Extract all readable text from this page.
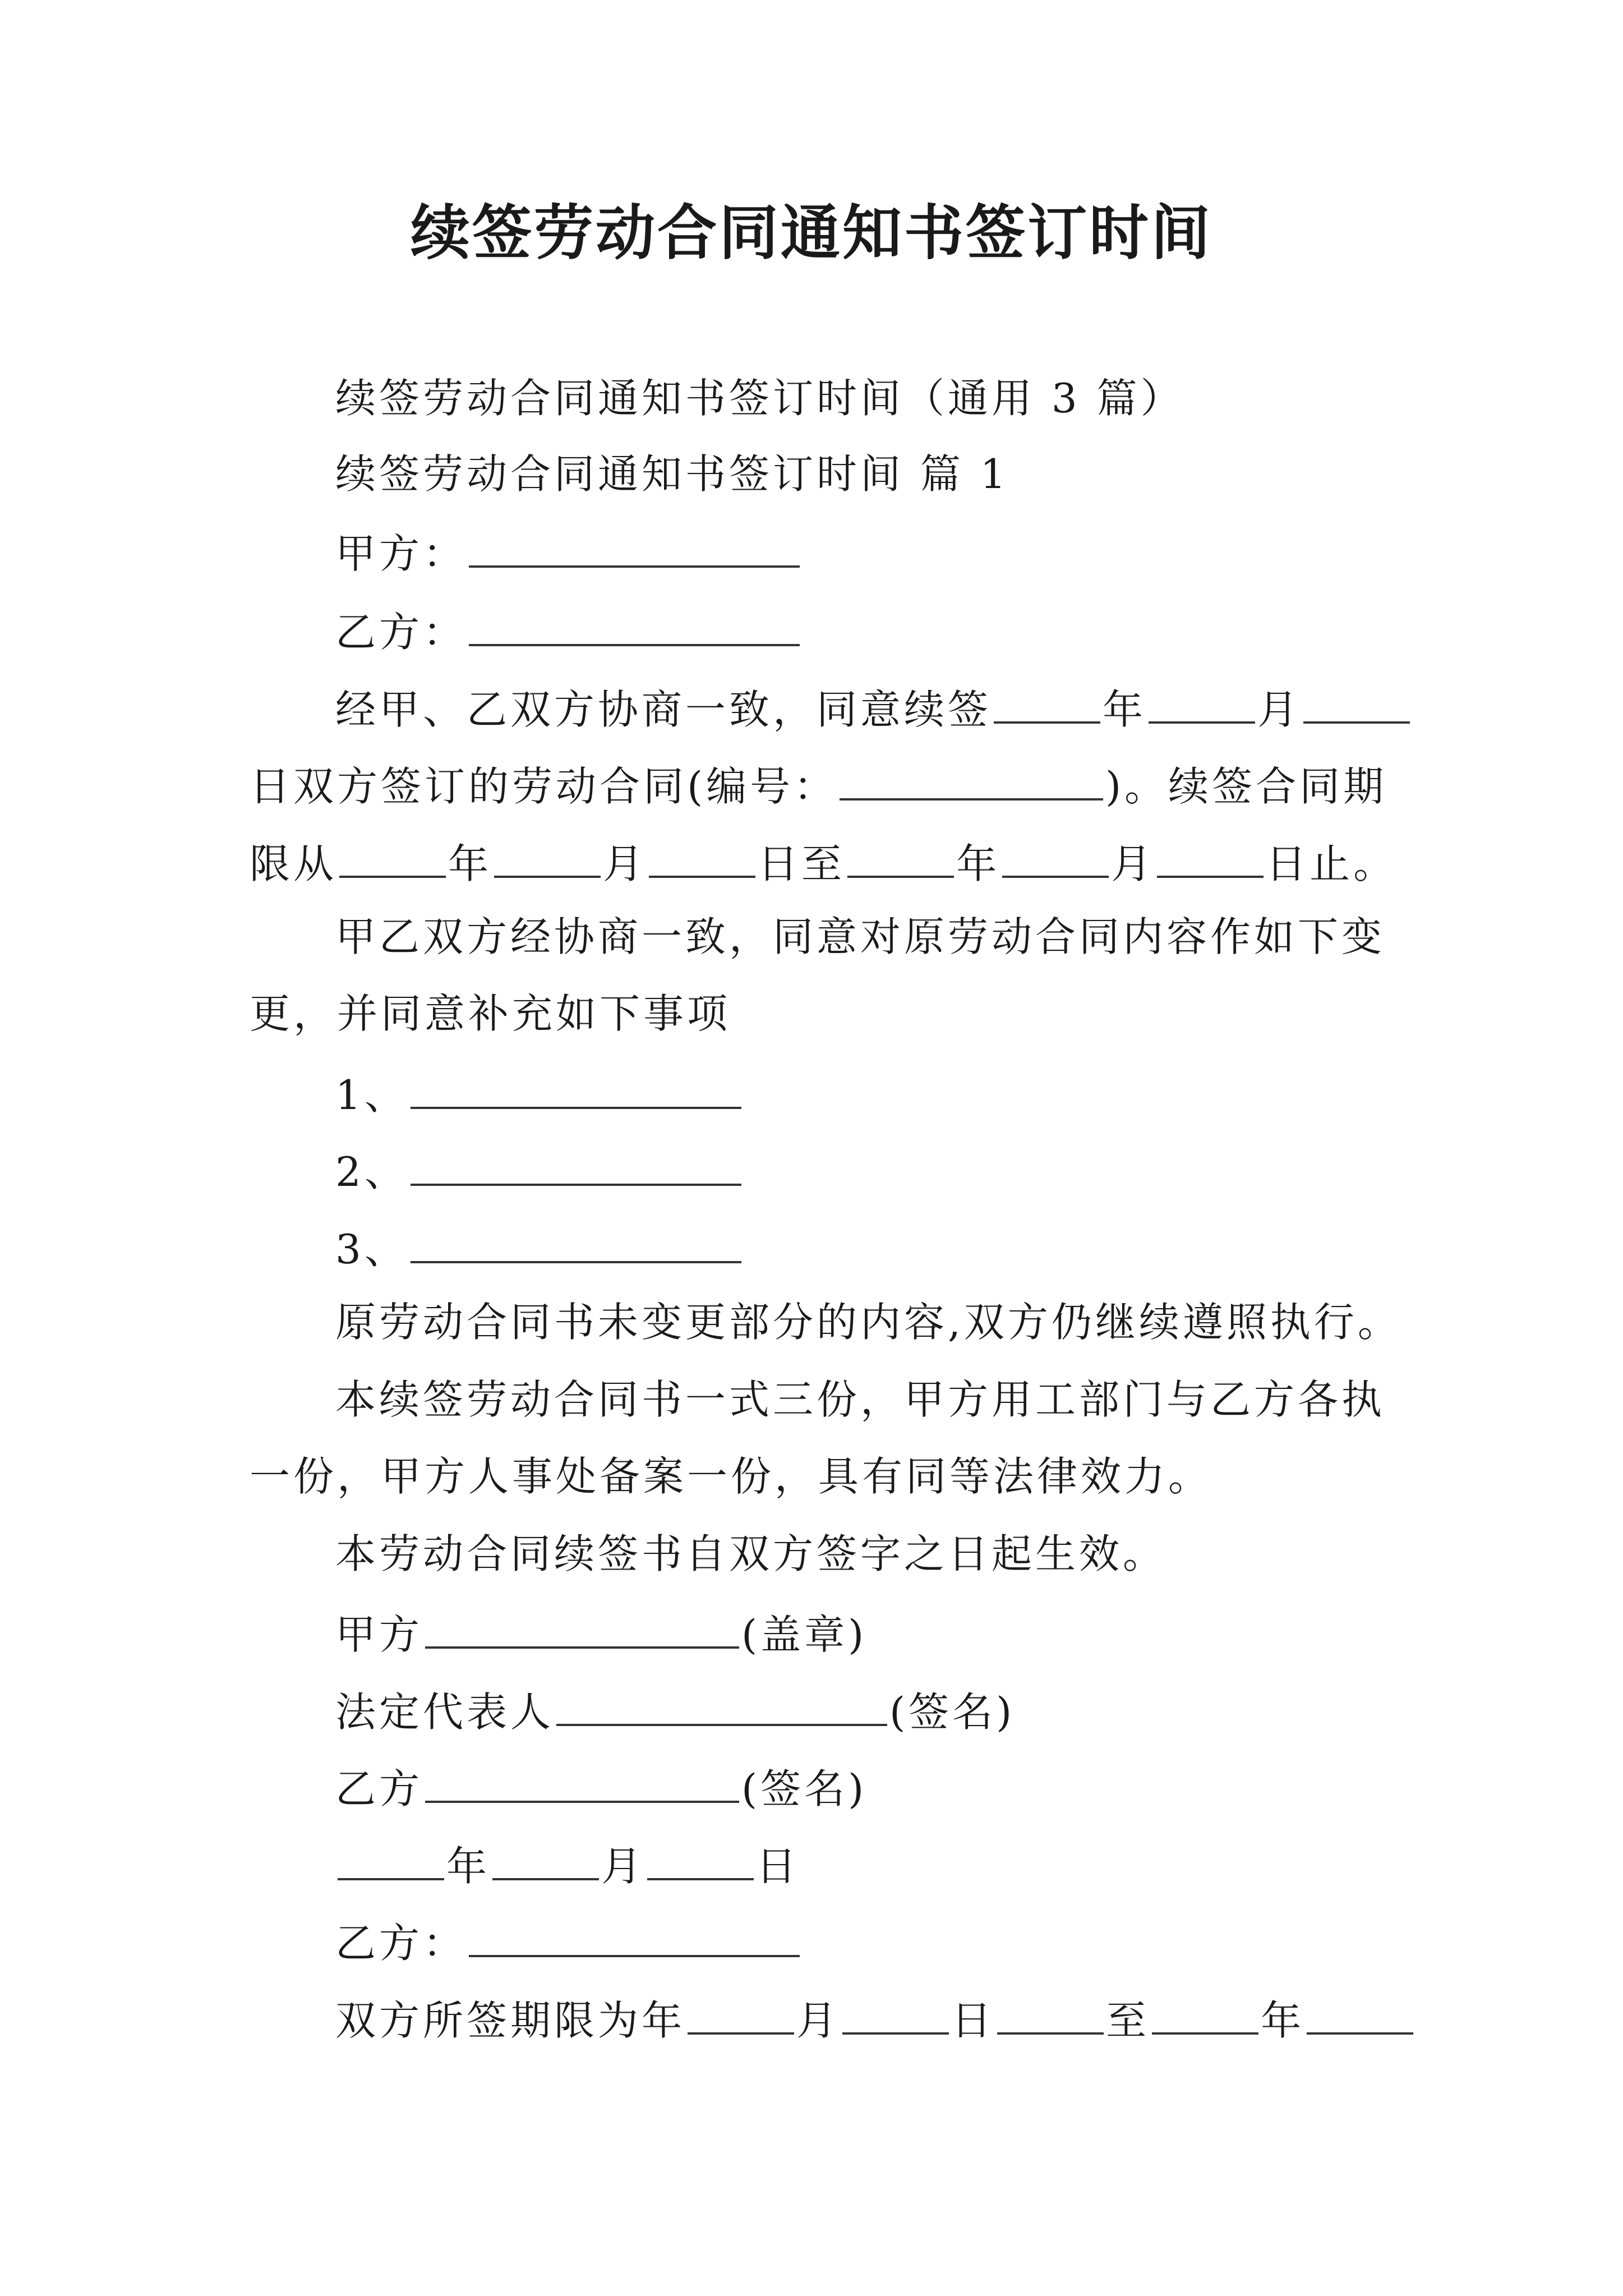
续签劳动合同通知书签订时间
续签劳动合同通知书签订时间（通用 3 篇）
续签劳动合同通知书签订时间 篇 1
甲方：
乙方：
经甲、乙双方协商一致，同意续签	年	月
日双方签订的劳动合同(编号：	)。续签合同期
限从	年	月	日至	年	月	日止。
甲乙双方经协商一致，同意对原劳动合同内容作如下变
更，并同意补充如下事项
1、
2、
3、
原劳动合同书未变更部分的内容,双方仍继续遵照执行。
本续签劳动合同书一式三份，甲方用工部门与乙方各执
一份，甲方人事处备案一份，具有同等法律效力。
本劳动合同续签书自双方签字之日起生效。
甲方	(盖章)
法定代表人	(签名)
乙方	(签名)
年	月	日
乙方：
双方所签期限为年	月	日	至	年
